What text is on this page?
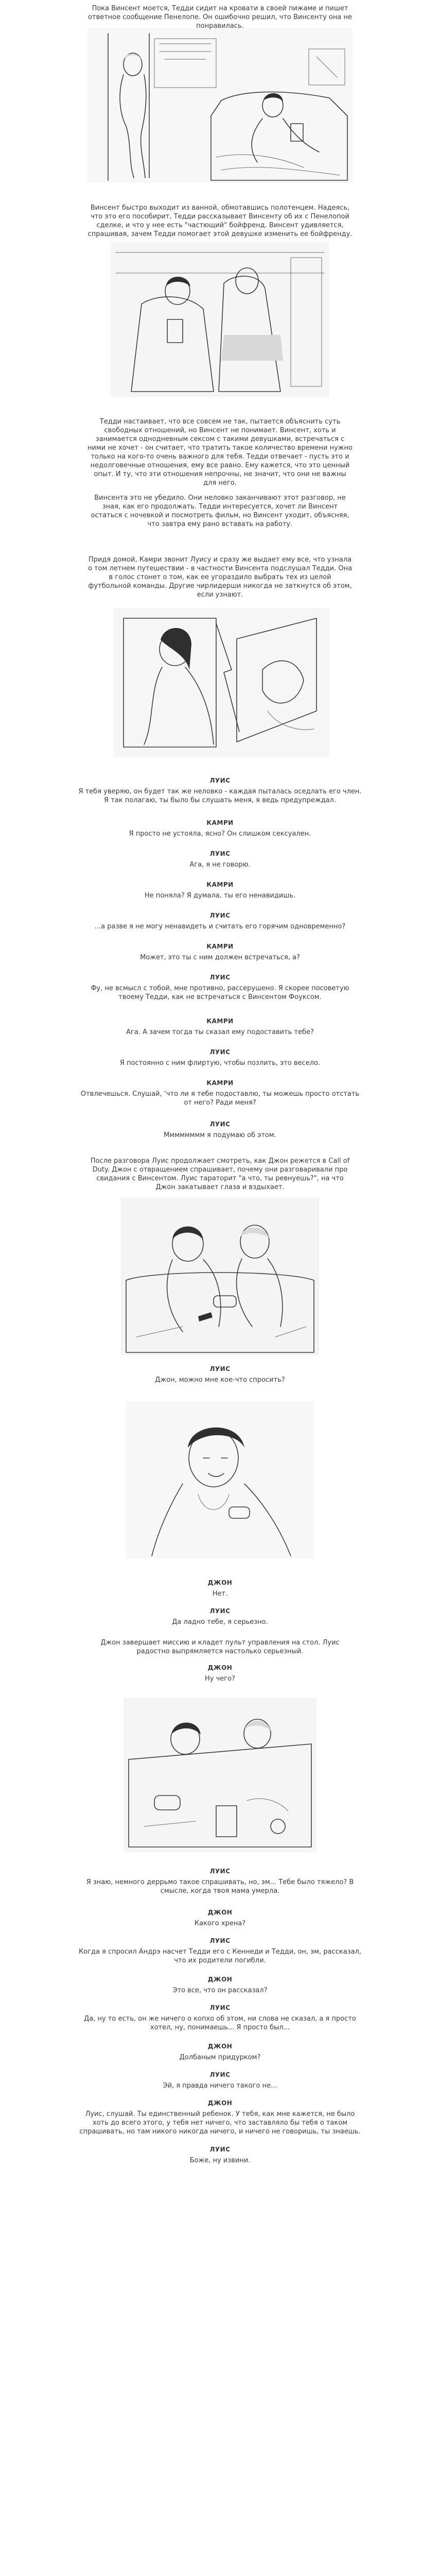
Пока Винсент моется, Тедди сидит на кровати в своей пижаме и пишет ответное сообщение Пенелопе. Он ошибочно решил, что Винсенту она не понравилась.
Винсент быстро выходит из ванной, обмотавшись полотенцем. Надеясь, что это его пособирит, Тедди рассказывает Винсенту об их с Пенелопой сделке, и что у нее есть "частющий" бойфренд. Винсент удивляется, спрашивая, зачем Тедди помогает этой девушке изменить ее бойфренду.
Тедди настаивает, что все совсем не так, пытается объяснить суть свободных отношений, но Винсент не понимает. Винсент, хоть и занимается однодневным сексом с такими девушками, встречаться с ними не хочет - он считает, что тратить такое количество времени нужно только на кого-то очень важного для тебя. Тедди отвечает - пусть это и недолговечные отношения, ему все равно. Ему кажется, что это ценный опыт. И ту, что эти отношения непрочны, не значит, что они не важны для него.
Винсента это не убедило. Они неловко заканчивают этот разговор, не зная, как его продолжать. Тедди интересуется, хочет ли Винсент остаться с ночевкой и посмотреть фильм, но Винсент уходит, объясняя, что завтра ему рано вставать на работу.
Придя домой, Камри звонит Луису и сразу же выдает ему все, что узнала о том летнем путешествии - в частности Винсента подслушал Тедди. Она в голос стонет о том, как ее угораздило выбрать тех из целой футбольной команды. Другие чирлидерши никогда не заткнутся об этом, если узнают.
ЛУИС
Я тебя уверяю, он будет так же неловко - каждая пыталась оседлать его член. Я так полагаю, ты было бы слушать меня, я ведь предупреждал.
КАМРИ
Я просто не устояла, ясно? Он слишком сексуален.
ЛУИС
Ага, я не говорю.
КАМРИ
Не поняла? Я думала, ты его ненавидишь.
ЛУИС
...а разве я не могу ненавидеть и считать его горячим одновременно?
КАМРИ
Может, это ты с ним должен встречаться, а?
ЛУИС
Фу, не всмысл с тобой, мне противно, рассерушено. Я скорее посоветую твоему Тедди, как не встречаться с Винсентом Фоуксом.
КАМРИ
Ага. А зачем тогда ты сказал ему подоставить тебе?
ЛУИС
Я постоянно с ним флиртую, чтобы позлить, это весело.
КАМРИ
Отвлечешься. Слушай, ‘что ли я тебе подоставлю, ты можешь просто отстать от него? Ради меня?
ЛУИС
Мммммммм я подумаю об этом.
После разговора Луис продолжает смотреть, как Джон режется в Call of Duty. Джон с отвращением спрашивает, почему они разговаривали про свидания с Винсентом. Луис тараторит "а что, ты ревнуешь?", на что Джон закатывает глаза и вздыхает.
Джон, можно мне кое-что спросить?
ЛУИС
ДЖОН
Нет.
ЛУИС
Да ладно тебе, я серьезно.
Джон завершает миссию и кладет пульт управления на стол. Луис радостно выпрямляется настолько серьезный.
ДЖОН
Ну чего?
ЛУИС
Я знаю, немного деррьмо такое спрашивать, но, эм... Тебе было тяжело? В смысле, когда твоя мама умерла.
ДЖОН
Какого хрена?
ЛУИС
Когда я спросил Андрэ насчет Тедди его с Кеннеди и Тедди, он, эм, рассказал, что их родители погибли.
ДЖОН
Это все, что он рассказал?
ЛУИС
Да, ну то есть, он же ничего о копхо об этом, ни слова не сказал, а я просто хотел, ну, понимаешь... Я просто был...
ДЖОН
Долбаным придурком?
ЛУИС
Эй, я правда ничего такого не...
ДЖОН
Луис, слушай. Ты единственный ребенок. У тебя, как мне кажется, не было хоть до всего этого, у тебя нет ничего, что заставляло бы тебя о таком спрашивать, но там никого никогда ничего, и ничего не говоришь, ты знаешь.
ЛУИС
Боже, ну извини.
